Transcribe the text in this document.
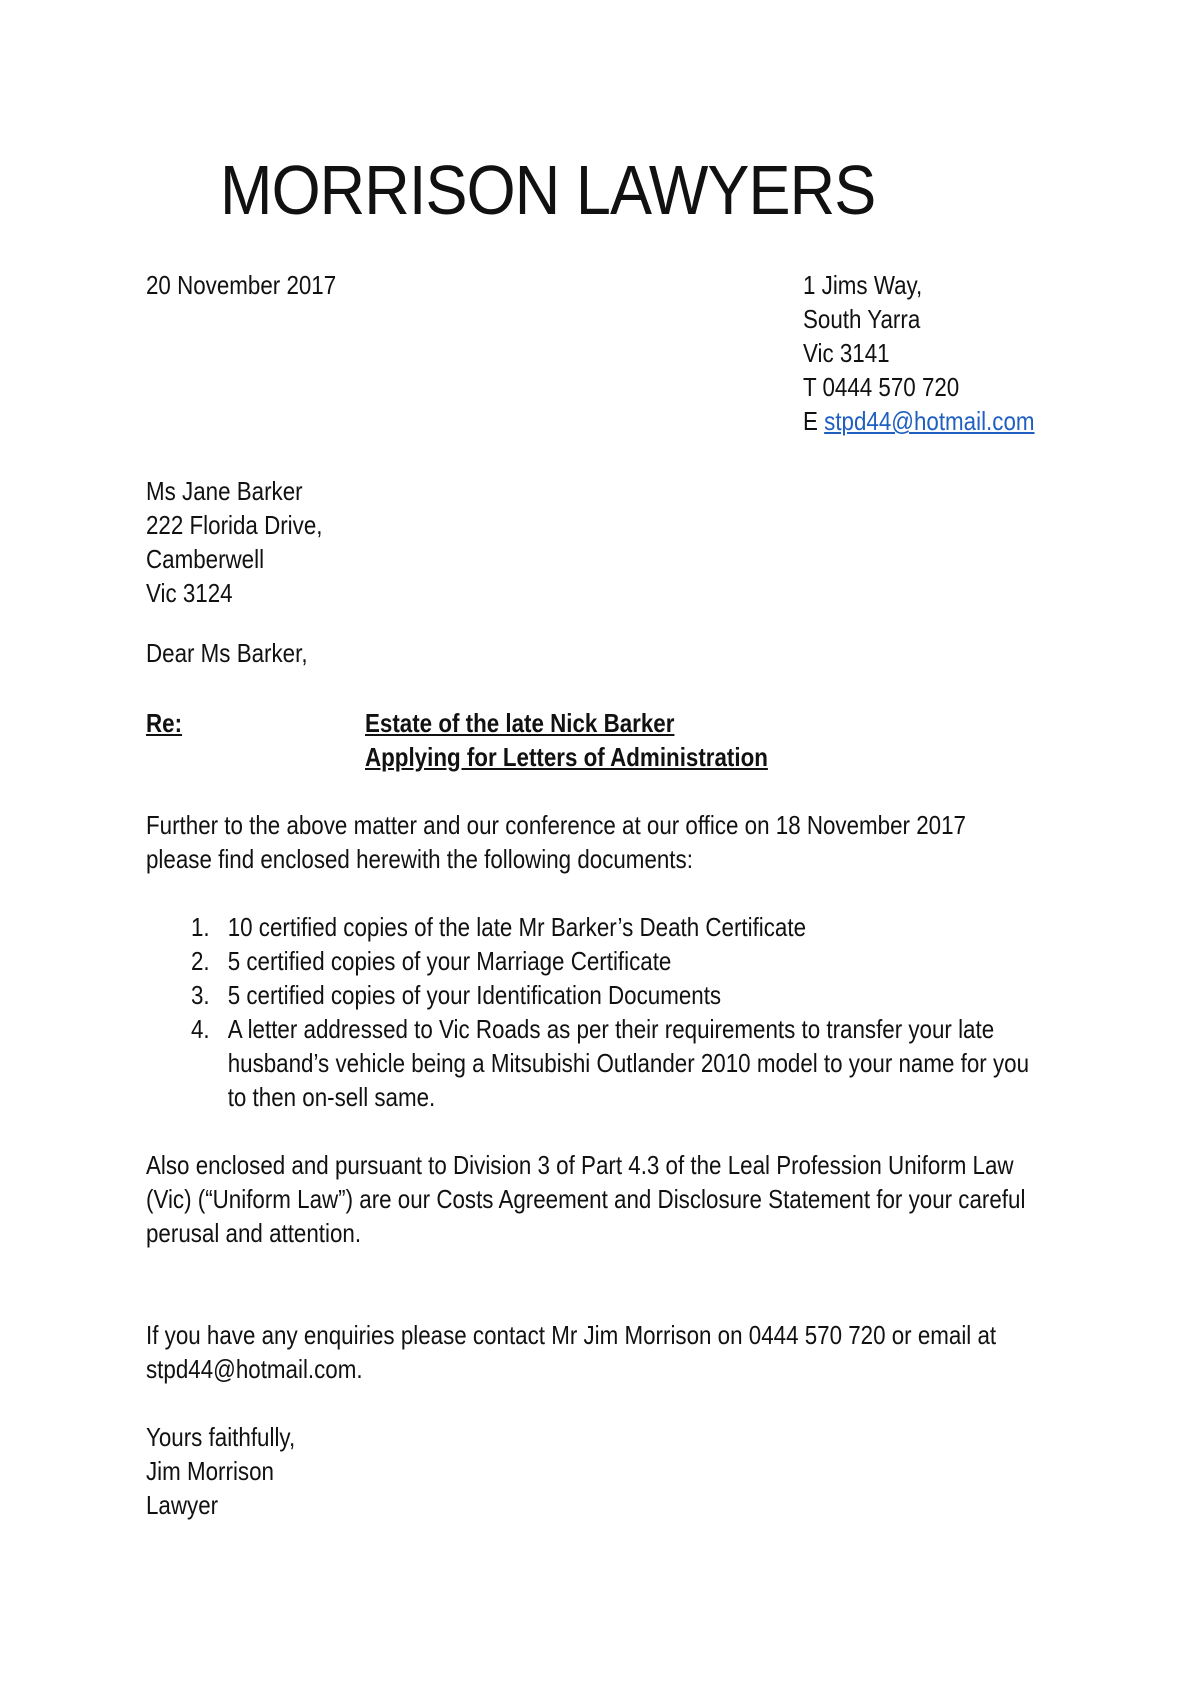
MORRISON LAWYERS
20 November 2017	1 Jims Way,
South Yarra
Vic 3141
T 0444 570 720
E stpd44@hotmail.com
Ms Jane Barker
222 Florida Drive,
Camberwell
Vic 3124
Dear Ms Barker,
Re:	Estate of the late Nick Barker
Applying for Letters of Administration
Further to the above matter and our conference at our office on 18 November 2017
please find enclosed herewith the following documents:
1. 10 certified copies of the late Mr Barker’s Death Certificate
2. 5 certified copies of your Marriage Certificate
3. 5 certified copies of your Identification Documents
4. A letter addressed to Vic Roads as per their requirements to transfer your late
husband’s vehicle being a Mitsubishi Outlander 2010 model to your name for you
to then on-sell same.
Also enclosed and pursuant to Division 3 of Part 4.3 of the Leal Profession Uniform Law
(Vic) (“Uniform Law”) are our Costs Agreement and Disclosure Statement for your careful
perusal and attention.
If you have any enquiries please contact Mr Jim Morrison on 0444 570 720 or email at
stpd44@hotmail.com.
Yours faithfully,
Jim Morrison
Lawyer
